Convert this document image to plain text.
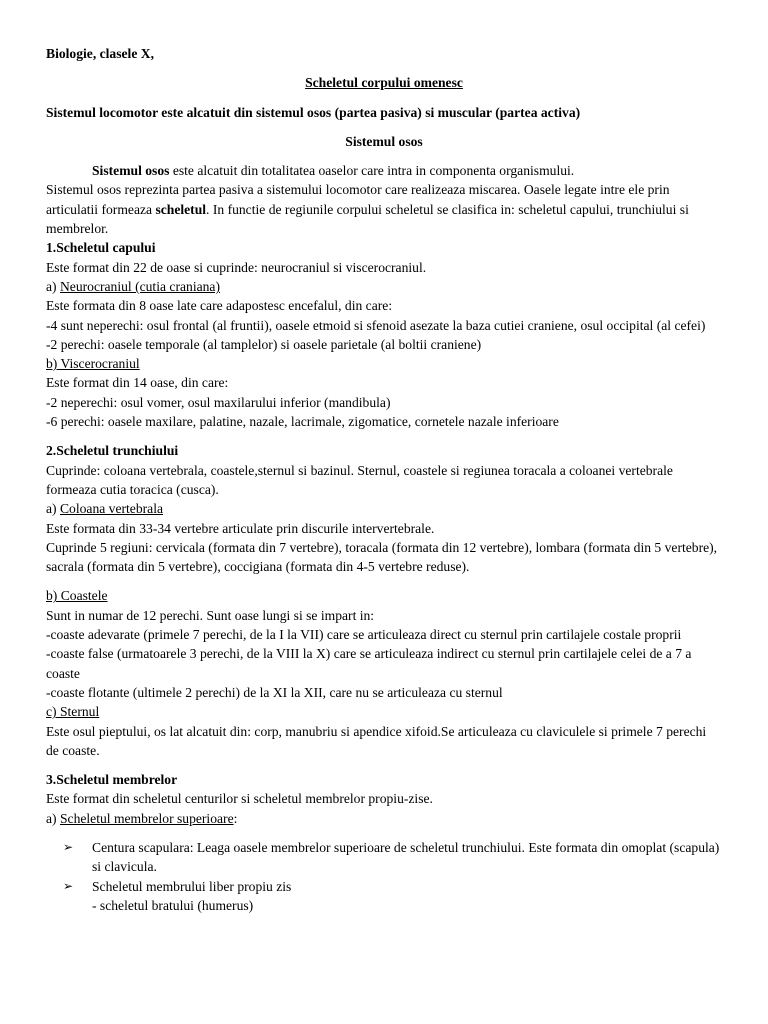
Biologie, clasele X,

Scheletul corpului omenesc

Sistemul locomotor este alcatuit din sistemul osos (partea pasiva) si muscular (partea activa)

Sistemul osos

Sistemul osos este alcatuit din totalitatea oaselor care intra in componenta organismului.

Sistemul osos reprezinta partea pasiva a sistemului locomotor care realizeaza miscarea. Oasele legate intre ele prin articulatii formeaza scheletul. In functie de regiunile corpului scheletul se clasifica in: scheletul capului, trunchiului si membrelor.

1.Scheletul capului

Este format din 22 de oase si cuprinde: neurocraniul si viscerocraniul.

a) Neurocraniul (cutia craniana)

Este formata din 8 oase late care adapostesc encefalul, din care:

-4 sunt neperechi: osul frontal (al fruntii), oasele etmoid si sfenoid asezate la baza cutiei craniene, osul occipital (al cefei)

-2 perechi: oasele temporale (al tamplelor) si oasele parietale (al boltii craniene)

b) Viscerocraniul

Este format din 14 oase, din care:

-2 neperechi: osul vomer, osul maxilarului inferior (mandibula)

-6 perechi: oasele maxilare, palatine, nazale, lacrimale, zigomatice, cornetele nazale inferioare

2.Scheletul trunchiului

Cuprinde: coloana vertebrala, coastele,sternul si bazinul. Sternul, coastele si regiunea toracala a coloanei vertebrale formeaza cutia toracica (cusca).

a) Coloana vertebrala

Este formata din 33-34 vertebre articulate prin discurile intervertebrale.

Cuprinde 5 regiuni: cervicala (formata din 7 vertebre), toracala (formata din 12 vertebre), lombara (formata din 5 vertebre), sacrala (formata din 5 vertebre), coccigiana (formata din 4-5 vertebre reduse).

b) Coastele

Sunt in numar de 12 perechi. Sunt oase lungi si se impart in:

-coaste adevarate (primele 7 perechi, de la I la VII) care se articuleaza direct cu sternul prin cartilajele costale proprii

-coaste false (urmatoarele 3 perechi, de la VIII la X) care se articuleaza indirect cu sternul prin cartilajele celei de a 7 a coaste

-coaste flotante (ultimele 2 perechi) de la XI la XII, care nu se articuleaza cu sternul

c) Sternul

Este osul pieptului, os lat alcatuit din: corp, manubriu si apendice xifoid.Se articuleaza cu claviculele si primele 7 perechi de coaste.

3.Scheletul membrelor

Este format din scheletul centurilor si scheletul membrelor propiu-zise.

a) Scheletul membrelor superioare:

➢ Centura scapulara: Leaga oasele membrelor superioare de scheletul trunchiului. Este formata din omoplat (scapula) si clavicula.
➢ Scheletul membrului liber propiu zis

- scheletul bratului (humerus)
